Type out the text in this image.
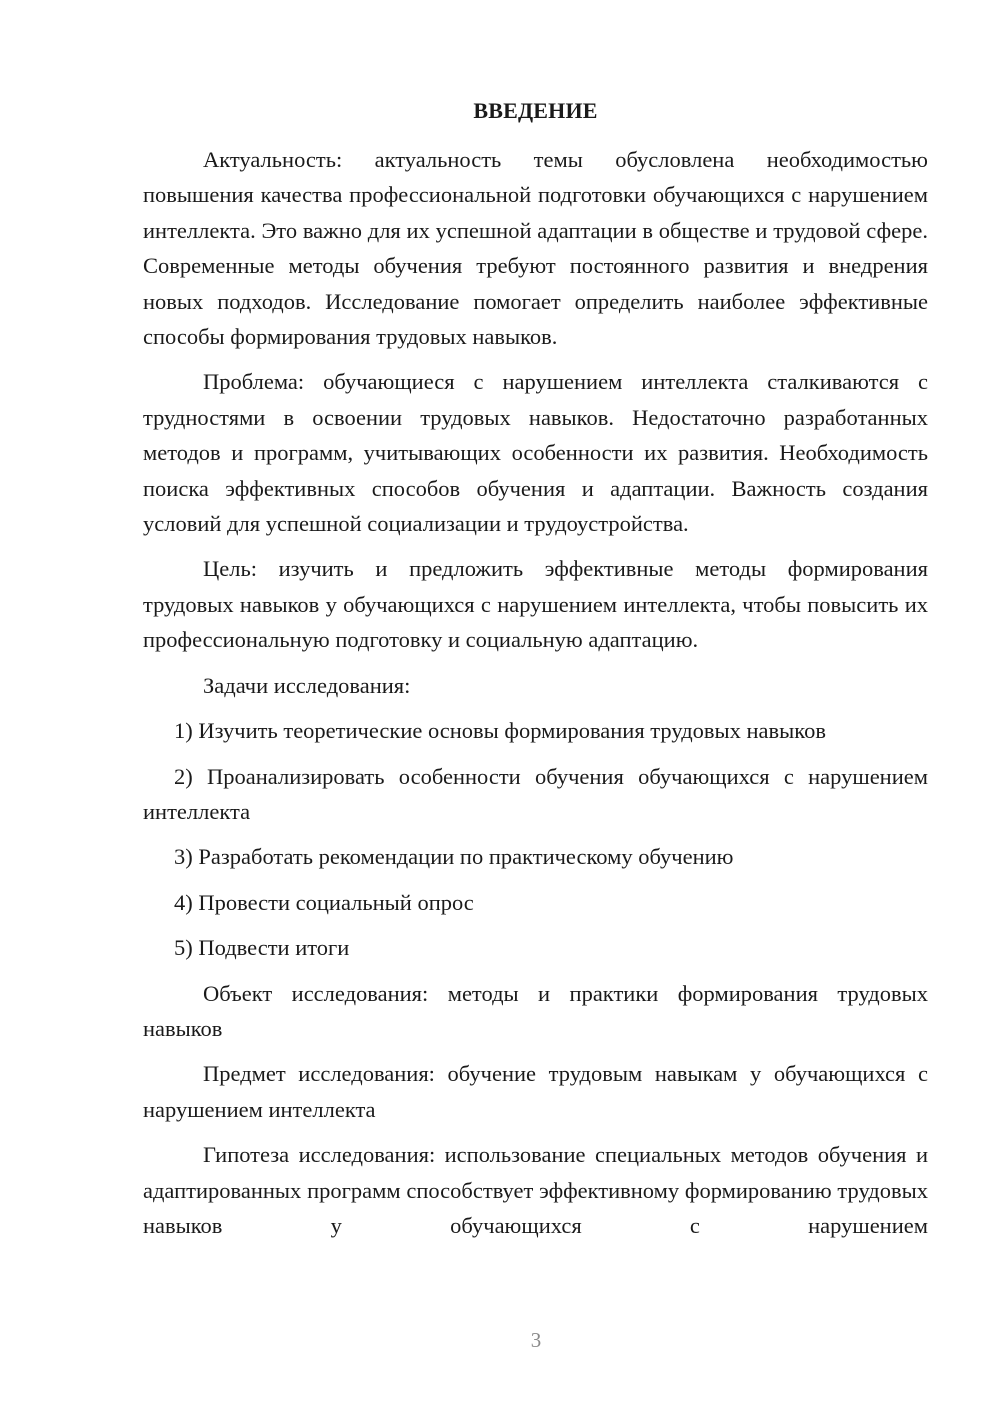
ВВЕДЕНИЕ

Актуальность: актуальность темы обусловлена необходимостью повышения качества профессиональной подготовки обучающихся с нарушением интеллекта. Это важно для их успешной адаптации в обществе и трудовой сфере. Современные методы обучения требуют постоянного развития и внедрения новых подходов. Исследование помогает определить наиболее эффективные способы формирования трудовых навыков.

Проблема: обучающиеся с нарушением интеллекта сталкиваются с трудностями в освоении трудовых навыков. Недостаточно разработанных методов и программ, учитывающих особенности их развития. Необходимость поиска эффективных способов обучения и адаптации. Важность создания условий для успешной социализации и трудоустройства.

Цель: изучить и предложить эффективные методы формирования трудовых навыков у обучающихся с нарушением интеллекта, чтобы повысить их профессиональную подготовку и социальную адаптацию.

Задачи исследования:

1) Изучить теоретические основы формирования трудовых навыков

2) Проанализировать особенности обучения обучающихся с нарушением интеллекта

3) Разработать рекомендации по практическому обучению

4) Провести социальный опрос

5) Подвести итоги

Объект исследования: методы и практики формирования трудовых навыков

Предмет исследования: обучение трудовым навыкам у обучающихся с нарушением интеллекта

Гипотеза исследования: использование специальных методов обучения и адаптированных программ способствует эффективному формированию трудовых навыков у обучающихся с нарушением

3
